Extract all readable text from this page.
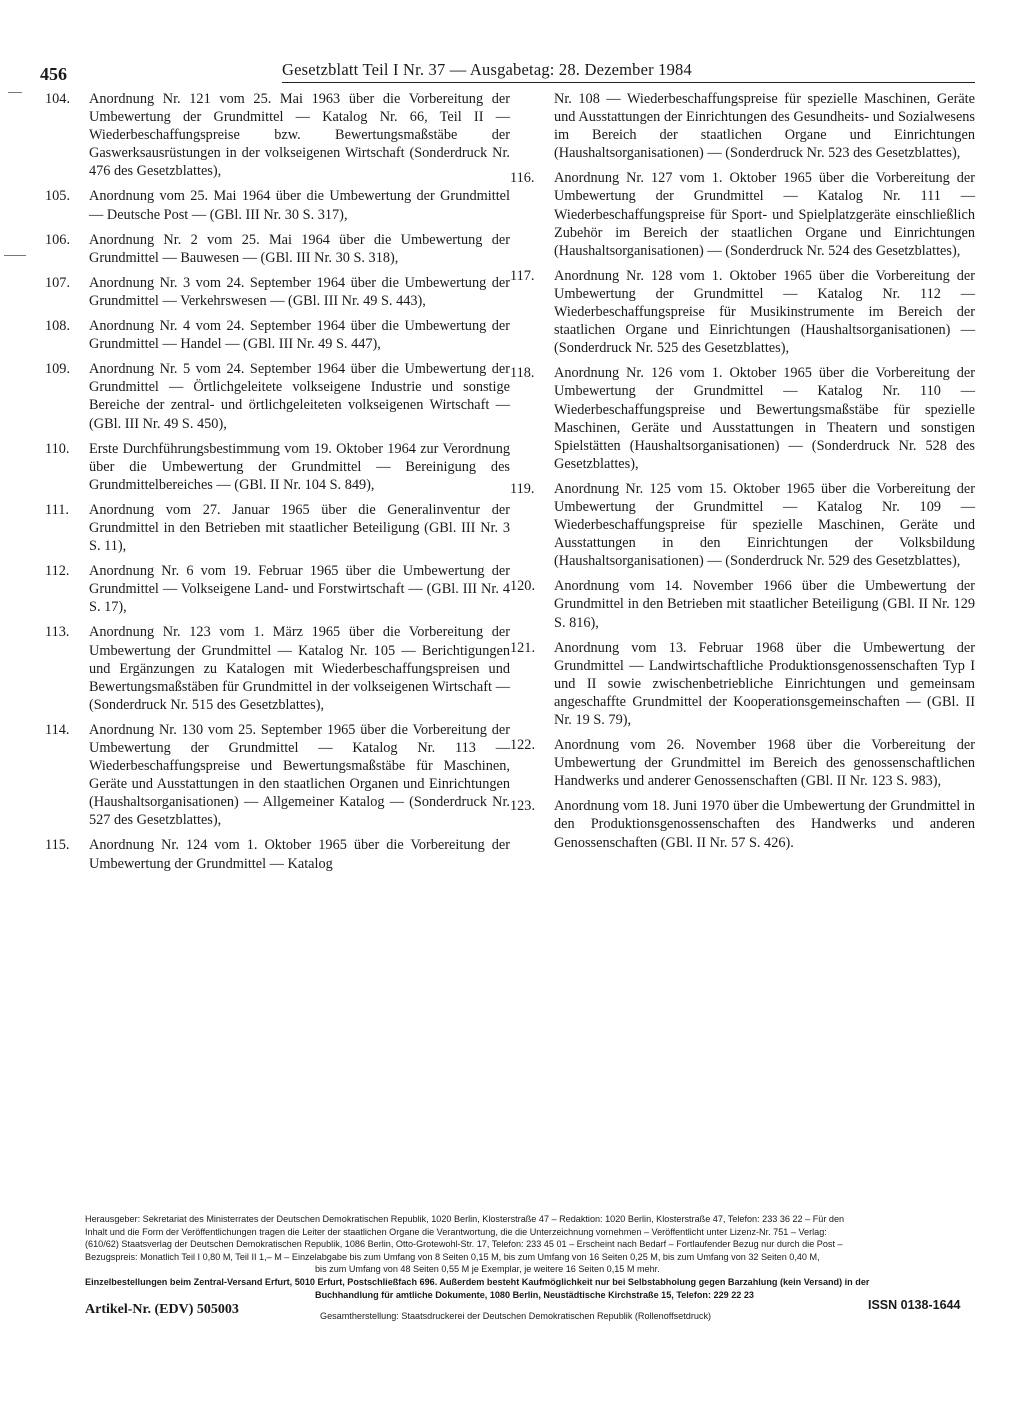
456	Gesetzblatt Teil I Nr. 37 — Ausgabetag: 28. Dezember 1984
104.	Anordnung Nr. 121 vom 25. Mai 1963 über die Vorbereitung der Umbewertung der Grundmittel — Katalog Nr. 66, Teil II — Wiederbeschaffungspreise bzw. Bewertungsmaßstäbe der Gaswerksausrüstungen in der volkseigenen Wirtschaft (Sonderdruck Nr. 476 des Gesetzblattes),
105.	Anordnung vom 25. Mai 1964 über die Umbewertung der Grundmittel — Deutsche Post — (GBl. III Nr. 30 S. 317),
106.	Anordnung Nr. 2 vom 25. Mai 1964 über die Umbewertung der Grundmittel — Bauwesen — (GBl. III Nr. 30 S. 318),
107.	Anordnung Nr. 3 vom 24. September 1964 über die Umbewertung der Grundmittel — Verkehrswesen — (GBl. III Nr. 49 S. 443),
108.	Anordnung Nr. 4 vom 24. September 1964 über die Umbewertung der Grundmittel — Handel — (GBl. III Nr. 49 S. 447),
109.	Anordnung Nr. 5 vom 24. September 1964 über die Umbewertung der Grundmittel — Örtlichgeleitete volkseigene Industrie und sonstige Bereiche der zentral- und örtlichgeleiteten volkseigenen Wirtschaft — (GBl. III Nr. 49 S. 450),
110.	Erste Durchführungsbestimmung vom 19. Oktober 1964 zur Verordnung über die Umbewertung der Grundmittel — Bereinigung des Grundmittelbereiches — (GBl. II Nr. 104 S. 849),
111.	Anordnung vom 27. Januar 1965 über die Generalinventur der Grundmittel in den Betrieben mit staatlicher Beteiligung (GBl. III Nr. 3 S. 11),
112.	Anordnung Nr. 6 vom 19. Februar 1965 über die Umbewertung der Grundmittel — Volkseigene Land- und Forstwirtschaft — (GBl. III Nr. 4 S. 17),
113.	Anordnung Nr. 123 vom 1. März 1965 über die Vorbereitung der Umbewertung der Grundmittel — Katalog Nr. 105 — Berichtigungen und Ergänzungen zu Katalogen mit Wiederbeschaffungspreisen und Bewertungsmaßstäben für Grundmittel in der volkseigenen Wirtschaft — (Sonderdruck Nr. 515 des Gesetzblattes),
114.	Anordnung Nr. 130 vom 25. September 1965 über die Vorbereitung der Umbewertung der Grundmittel — Katalog Nr. 113 — Wiederbeschaffungspreise und Bewertungsmaßstäbe für Maschinen, Geräte und Ausstattungen in den staatlichen Organen und Einrichtungen (Haushaltsorganisationen) — Allgemeiner Katalog — (Sonderdruck Nr. 527 des Gesetzblattes),
115.	Anordnung Nr. 124 vom 1. Oktober 1965 über die Vorbereitung der Umbewertung der Grundmittel — Katalog
Nr. 108 — Wiederbeschaffungspreise für spezielle Maschinen, Geräte und Ausstattungen der Einrichtungen des Gesundheits- und Sozialwesens im Bereich der staatlichen Organe und Einrichtungen (Haushaltsorganisationen) — (Sonderdruck Nr. 523 des Gesetzblattes),
116.	Anordnung Nr. 127 vom 1. Oktober 1965 über die Vorbereitung der Umbewertung der Grundmittel — Katalog Nr. 111 — Wiederbeschaffungspreise für Sport- und Spielplatzgeräte einschließlich Zubehör im Bereich der staatlichen Organe und Einrichtungen (Haushaltsorganisationen) — (Sonderdruck Nr. 524 des Gesetzblattes),
117.	Anordnung Nr. 128 vom 1. Oktober 1965 über die Vorbereitung der Umbewertung der Grundmittel — Katalog Nr. 112 — Wiederbeschaffungspreise für Musikinstrumente im Bereich der staatlichen Organe und Einrichtungen (Haushaltsorganisationen) — (Sonderdruck Nr. 525 des Gesetzblattes),
118.	Anordnung Nr. 126 vom 1. Oktober 1965 über die Vorbereitung der Umbewertung der Grundmittel — Katalog Nr. 110 — Wiederbeschaffungspreise und Bewertungsmaßstäbe für spezielle Maschinen, Geräte und Ausstattungen in Theatern und sonstigen Spielstätten (Haushaltsorganisationen) — (Sonderdruck Nr. 528 des Gesetzblattes),
119.	Anordnung Nr. 125 vom 15. Oktober 1965 über die Vorbereitung der Umbewertung der Grundmittel — Katalog Nr. 109 — Wiederbeschaffungspreise für spezielle Maschinen, Geräte und Ausstattungen in den Einrichtungen der Volksbildung (Haushaltsorganisationen) — (Sonderdruck Nr. 529 des Gesetzblattes),
120.	Anordnung vom 14. November 1966 über die Umbewertung der Grundmittel in den Betrieben mit staatlicher Beteiligung (GBl. II Nr. 129 S. 816),
121.	Anordnung vom 13. Februar 1968 über die Umbewertung der Grundmittel — Landwirtschaftliche Produktionsgenossenschaften Typ I und II sowie zwischenbetriebliche Einrichtungen und gemeinsam angeschaffte Grundmittel der Kooperationsgemeinschaften — (GBl. II Nr. 19 S. 79),
122.	Anordnung vom 26. November 1968 über die Vorbereitung der Umbewertung der Grundmittel im Bereich des genossenschaftlichen Handwerks und anderer Genossenschaften (GBl. II Nr. 123 S. 983),
123.	Anordnung vom 18. Juni 1970 über die Umbewertung der Grundmittel in den Produktionsgenossenschaften des Handwerks und anderen Genossenschaften (GBl. II Nr. 57 S. 426).

Herausgeber: Sekretariat des Ministerrates der Deutschen Demokratischen Republik, 1020 Berlin, Klosterstraße 47 – Redaktion: 1020 Berlin, Klosterstraße 47, Telefon: 233 36 22 – Für den

Inhalt und die Form der Veröffentlichungen tragen die Leiter der staatlichen Organe die Verantwortung, die die Unterzeichnung vornehmen – Veröffentlicht unter Lizenz-Nr. 751 – Verlag:

(610/62) Staatsverlag der Deutschen Demokratischen Republik, 1086 Berlin, Otto-Grotewohl-Str. 17, Telefon: 233 45 01 – Erscheint nach Bedarf – Fortlaufender Bezug nur durch die Post –

Bezugspreis: Monatlich Teil I 0,80 M, Teil II 1,– M – Einzelabgabe bis zum Umfang von 8 Seiten 0,15 M, bis zum Umfang von 16 Seiten 0,25 M, bis zum Umfang von 32 Seiten 0,40 M,

bis zum Umfang von 48 Seiten 0,55 M je Exemplar, je weitere 16 Seiten 0,15 M mehr.

Einzelbestellungen beim Zentral-Versand Erfurt, 5010 Erfurt, Postschließfach 696. Außerdem besteht Kaufmöglichkeit nur bei Selbstabholung gegen Barzahlung (kein Versand) in der

Buchhandlung für amtliche Dokumente, 1080 Berlin, Neustädtische Kirchstraße 15, Telefon: 229 22 23

Artikel-Nr. (EDV) 505003	Gesamtherstellung: Staatsdruckerei der Deutschen Demokratischen Republik (Rollenoffsetdruck)
ISSN 0138-1644
